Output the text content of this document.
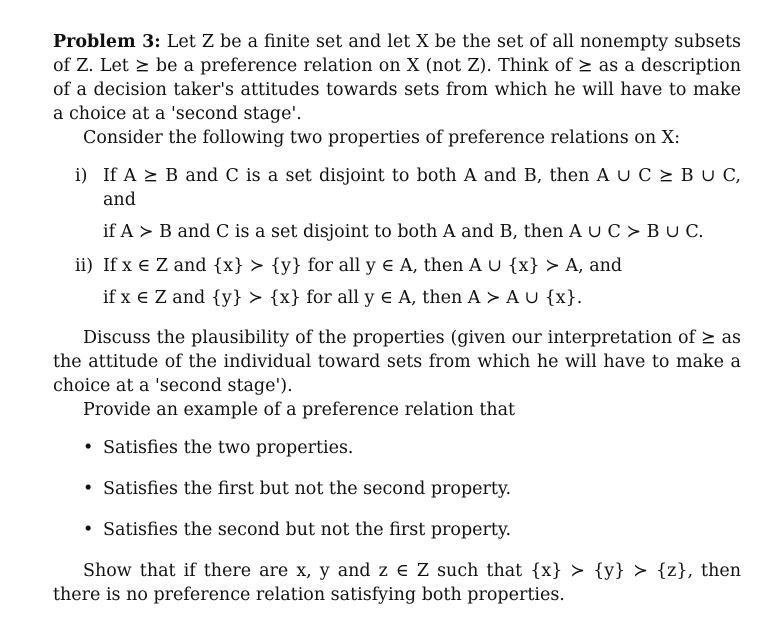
Problem 3: Let Z be a finite set and let X be the set of all nonempty subsets of Z. Let ⪰ be a preference relation on X (not Z). Think of ⪰ as a description of a decision taker's attitudes towards sets from which he will have to make a choice at a 'second stage'.

Consider the following two properties of preference relations on X:

i) If A ⪰ B and C is a set disjoint to both A and B, then A ∪ C ⪰ B ∪ C, and

if A ≻ B and C is a set disjoint to both A and B, then A ∪ C ≻ B ∪ C.

ii) If x ∈ Z and {x} ≻ {y} for all y ∈ A, then A ∪ {x} ≻ A, and

if x ∈ Z and {y} ≻ {x} for all y ∈ A, then A ≻ A ∪ {x}.

Discuss the plausibility of the properties (given our interpretation of ⪰ as the attitude of the individual toward sets from which he will have to make a choice at a 'second stage').

Provide an example of a preference relation that

• Satisfies the two properties.
• Satisfies the first but not the second property.
• Satisfies the second but not the first property.

Show that if there are x, y and z ∈ Z such that {x} ≻ {y} ≻ {z}, then there is no preference relation satisfying both properties.
